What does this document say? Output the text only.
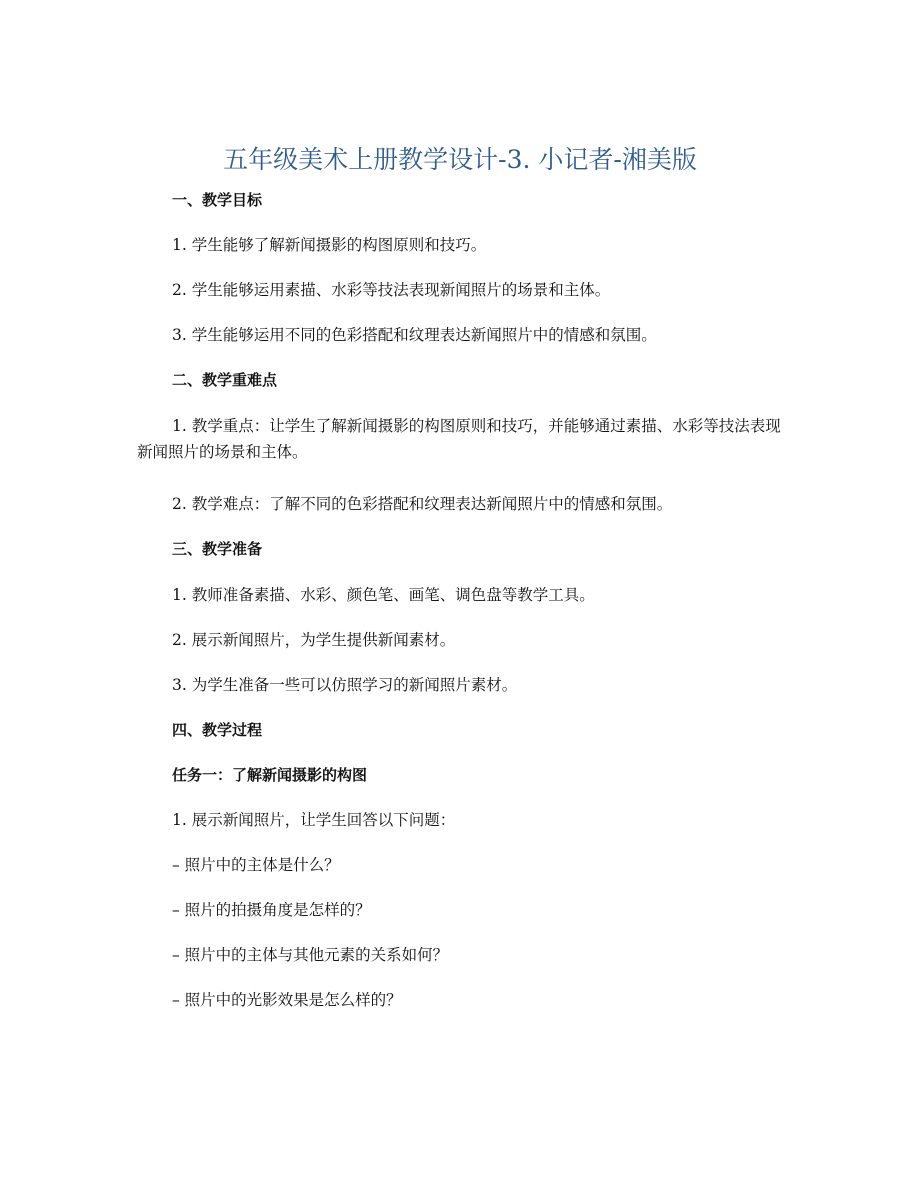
五年级美术上册教学设计-3. 小记者-湘美版
一、教学目标
1. 学生能够了解新闻摄影的构图原则和技巧。
2. 学生能够运用素描、水彩等技法表现新闻照片的场景和主体。
3. 学生能够运用不同的色彩搭配和纹理表达新闻照片中的情感和氛围。
二、教学重难点
1. 教学重点：让学生了解新闻摄影的构图原则和技巧，并能够通过素描、水彩等技法表现新闻照片的场景和主体。
2. 教学难点：了解不同的色彩搭配和纹理表达新闻照片中的情感和氛围。
三、教学准备
1. 教师准备素描、水彩、颜色笔、画笔、调色盘等教学工具。
2. 展示新闻照片，为学生提供新闻素材。
3. 为学生准备一些可以仿照学习的新闻照片素材。
四、教学过程
任务一：了解新闻摄影的构图
1. 展示新闻照片，让学生回答以下问题：
– 照片中的主体是什么？
– 照片的拍摄角度是怎样的？
– 照片中的主体与其他元素的关系如何？
– 照片中的光影效果是怎么样的？
